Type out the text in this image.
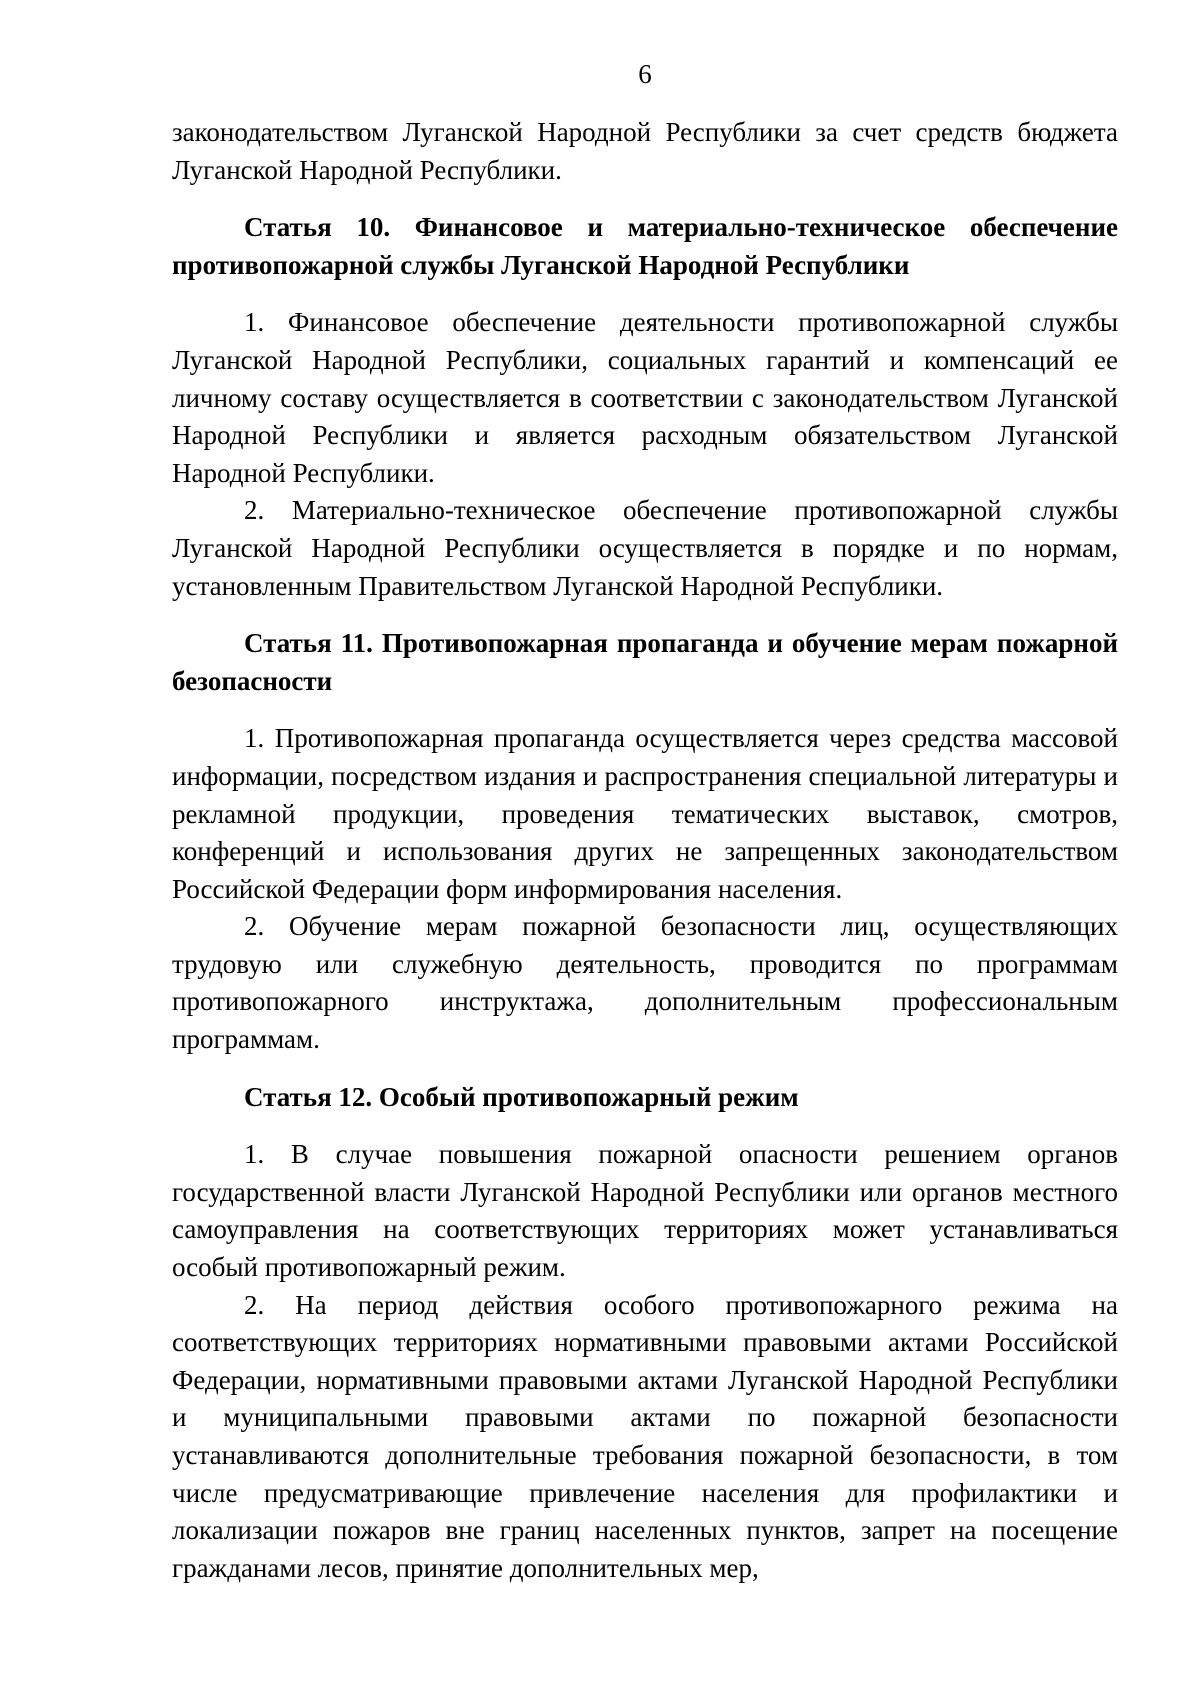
6

законодательством Луганской Народной Республики за счет средств бюджета Луганской Народной Республики.

Статья 10. Финансовое и материально-техническое обеспечение противопожарной службы Луганской Народной Республики

1. Финансовое обеспечение деятельности противопожарной службы Луганской Народной Республики, социальных гарантий и компенсаций ее личному составу осуществляется в соответствии с законодательством Луганской Народной Республики и является расходным обязательством Луганской Народной Республики.

2. Материально-техническое обеспечение противопожарной службы Луганской Народной Республики осуществляется в порядке и по нормам, установленным Правительством Луганской Народной Республики.

Статья 11. Противопожарная пропаганда и обучение мерам пожарной безопасности

1. Противопожарная пропаганда осуществляется через средства массовой информации, посредством издания и распространения специальной литературы и рекламной продукции, проведения тематических выставок, смотров, конференций и использования других не запрещенных законодательством Российской Федерации форм информирования населения.

2. Обучение мерам пожарной безопасности лиц, осуществляющих трудовую или служебную деятельность, проводится по программам противопожарного инструктажа, дополнительным профессиональным программам.

Статья 12. Особый противопожарный режим

1. В случае повышения пожарной опасности решением органов государственной власти Луганской Народной Республики или органов местного самоуправления на соответствующих территориях может устанавливаться особый противопожарный режим.

2. На период действия особого противопожарного режима на соответствующих территориях нормативными правовыми актами Российской Федерации, нормативными правовыми актами Луганской Народной Республики и муниципальными правовыми актами по пожарной безопасности устанавливаются дополнительные требования пожарной безопасности, в том числе предусматривающие привлечение населения для профилактики и локализации пожаров вне границ населенных пунктов, запрет на посещение гражданами лесов, принятие дополнительных мер,
